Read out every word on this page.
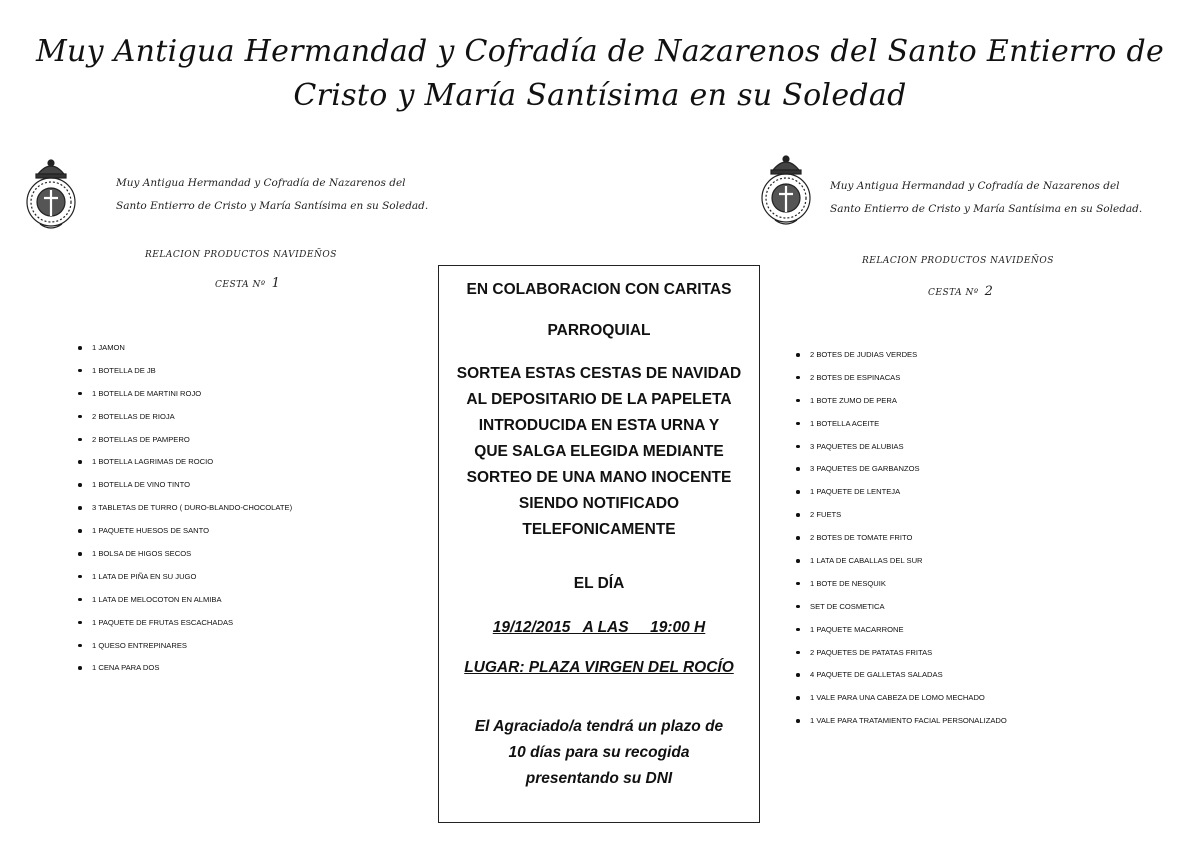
Muy Antigua Hermandad y Cofradía de Nazarenos del Santo Entierro de
Cristo y María Santísima en su Soledad
Muy Antigua Hermandad y Cofradía de Nazarenos del
Santo Entierro de Cristo y María Santísima en su Soledad.
RELACION PRODUCTOS NAVIDEÑOS
CESTA Nº 1
1 JAMON
1 BOTELLA DE JB
1 BOTELLA DE MARTINI ROJO
2 BOTELLAS DE RIOJA
2 BOTELLAS DE PAMPERO
1 BOTELLA LAGRIMAS DE ROCIO
1 BOTELLA DE VINO TINTO
3 TABLETAS DE TURRO ( DURO-BLANDO-CHOCOLATE)
1 PAQUETE HUESOS DE SANTO
1 BOLSA DE HIGOS SECOS
1 LATA DE PIÑA EN SU JUGO
1 LATA DE MELOCOTON EN ALMIBA
1 PAQUETE DE FRUTAS ESCACHADAS
1 QUESO ENTREPINARES
1 CENA PARA DOS
Muy Antigua Hermandad y Cofradía de Nazarenos del
Santo Entierro de Cristo y María Santísima en su Soledad.
RELACION PRODUCTOS NAVIDEÑOS
CESTA Nº 2
2 BOTES DE JUDIAS VERDES
2 BOTES DE ESPINACAS
1 BOTE ZUMO DE PERA
1 BOTELLA ACEITE
3 PAQUETES DE ALUBIAS
3 PAQUETES DE GARBANZOS
1 PAQUETE DE LENTEJA
2 FUETS
2 BOTES DE TOMATE FRITO
1 LATA DE CABALLAS DEL SUR
1 BOTE DE NESQUIK
SET DE COSMETICA
1 PAQUETE MACARRONE
2 PAQUETES DE PATATAS FRITAS
4 PAQUETE DE GALLETAS SALADAS
1 VALE PARA UNA CABEZA DE LOMO MECHADO
1 VALE PARA TRATAMIENTO FACIAL PERSONALIZADO
EN COLABORACION CON CARITAS
PARROQUIAL
SORTEA ESTAS CESTAS DE NAVIDAD
AL DEPOSITARIO DE LA PAPELETA
INTRODUCIDA EN ESTA URNA Y
QUE SALGA ELEGIDA MEDIANTE
SORTEO DE UNA MANO INOCENTE
SIENDO NOTIFICADO
TELEFONICAMENTE
EL DÍA
19/12/2015   A LAS     19:00 H
LUGAR: PLAZA VIRGEN DEL ROCÍO
El Agraciado/a tendrá un plazo de
10 días para su recogida
presentando su DNI
